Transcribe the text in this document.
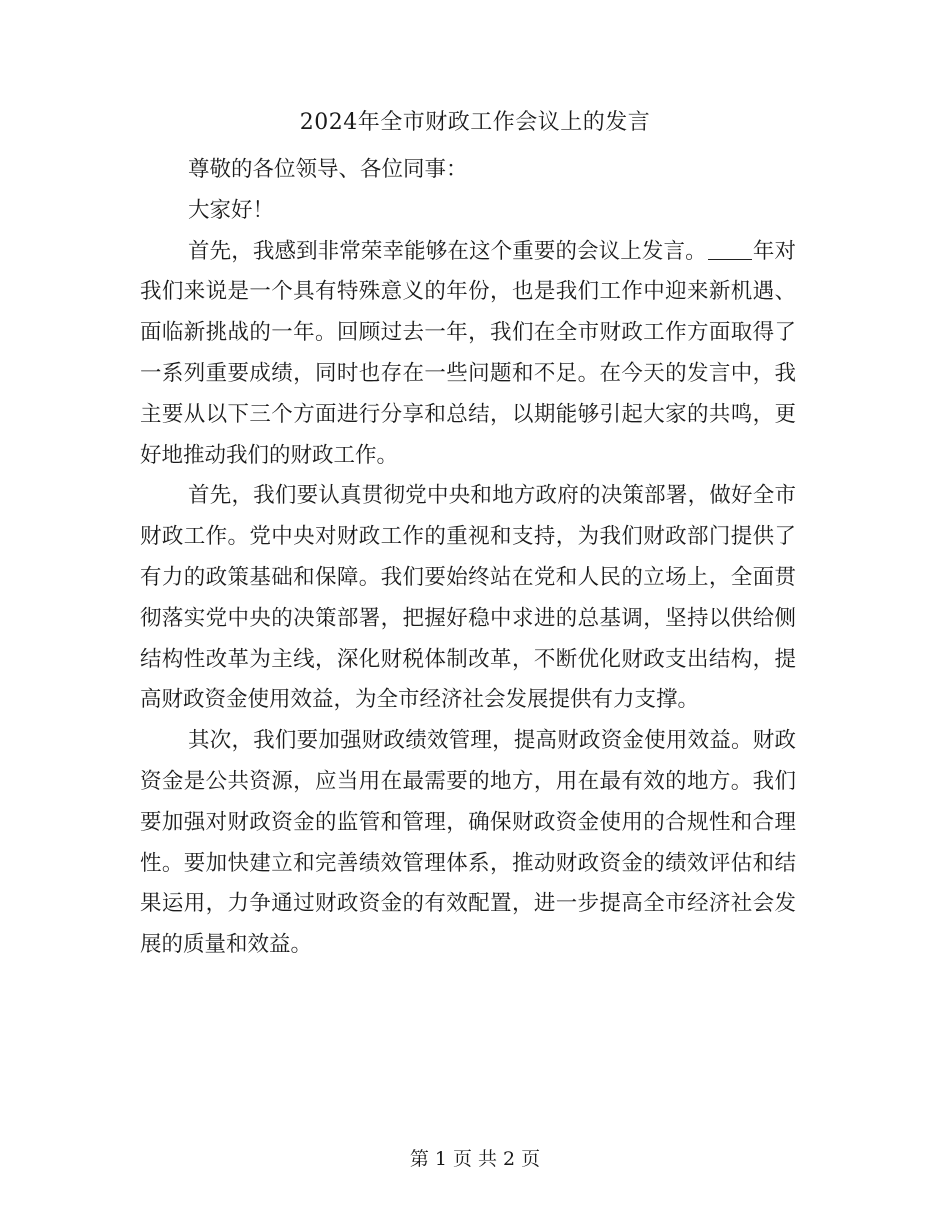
2024年全市财政工作会议上的发言

尊敬的各位领导、各位同事：

大家好！

首先，我感到非常荣幸能够在这个重要的会议上发言。 年对我们来说是一个具有特殊意义的年份，也是我们工作中迎来新机遇、面临新挑战的一年。回顾过去一年，我们在全市财政工作方面取得了一系列重要成绩，同时也存在一些问题和不足。在今天的发言中，我主要从以下三个方面进行分享和总结，以期能够引起大家的共鸣，更好地推动我们的财政工作。

首先，我们要认真贯彻党中央和地方政府的决策部署，做好全市财政工作。党中央对财政工作的重视和支持，为我们财政部门提供了有力的政策基础和保障。我们要始终站在党和人民的立场上，全面贯彻落实党中央的决策部署，把握好稳中求进的总基调，坚持以供给侧结构性改革为主线，深化财税体制改革，不断优化财政支出结构，提高财政资金使用效益，为全市经济社会发展提供有力支撑。

其次，我们要加强财政绩效管理，提高财政资金使用效益。财政资金是公共资源，应当用在最需要的地方，用在最有效的地方。我们要加强对财政资金的监管和管理，确保财政资金使用的合规性和合理性。要加快建立和完善绩效管理体系，推动财政资金的绩效评估和结果运用，力争通过财政资金的有效配置，进一步提高全市经济社会发展的质量和效益。

第 1 页 共 2 页
